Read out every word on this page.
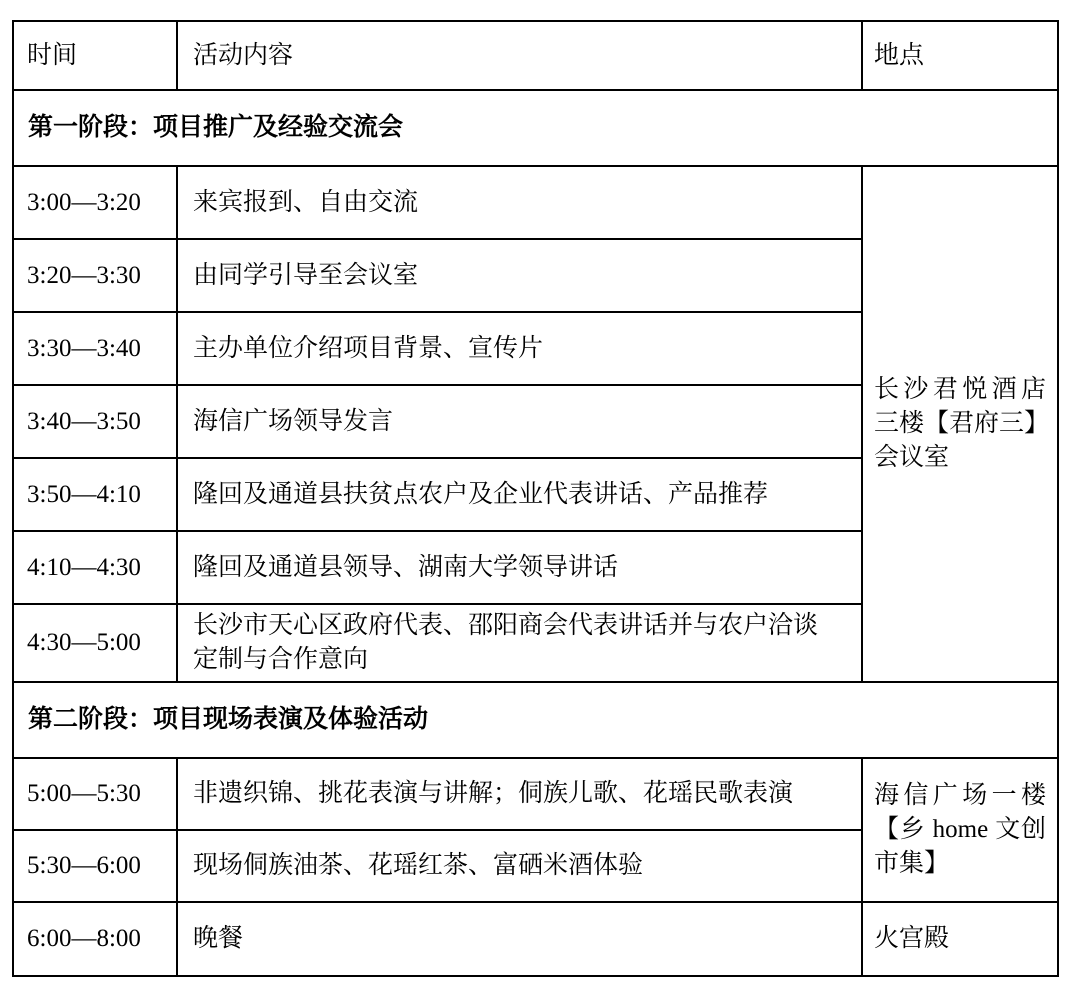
时间	活动内容	地点
第一阶段：项目推广及经验交流会		
3:00—3:20	来宾报到、自由交流	长沙君悦酒店
三楼【君府三】
会议室

3:20—3:30	由同学引导至会议室	
3:30—3:40	主办单位介绍项目背景、宣传片	
3:40—3:50	海信广场领导发言	
3:50—4:10	隆回及通道县扶贫点农户及企业代表讲话、产品推荐	
4:10—4:30	隆回及通道县领导、湖南大学领导讲话	
4:30—5:00	长沙市天心区政府代表、邵阳商会代表讲话并与农户洽谈定制与合作意向	
第二阶段：项目现场表演及体验活动		
5:00—5:30	非遗织锦、挑花表演与讲解；侗族儿歌、花瑶民歌表演	海信广场一楼
【乡 home 文创
市集】

5:30—6:00	现场侗族油茶、花瑶红茶、富硒米酒体验	
6:00—8:00	晚餐	火宫殿
